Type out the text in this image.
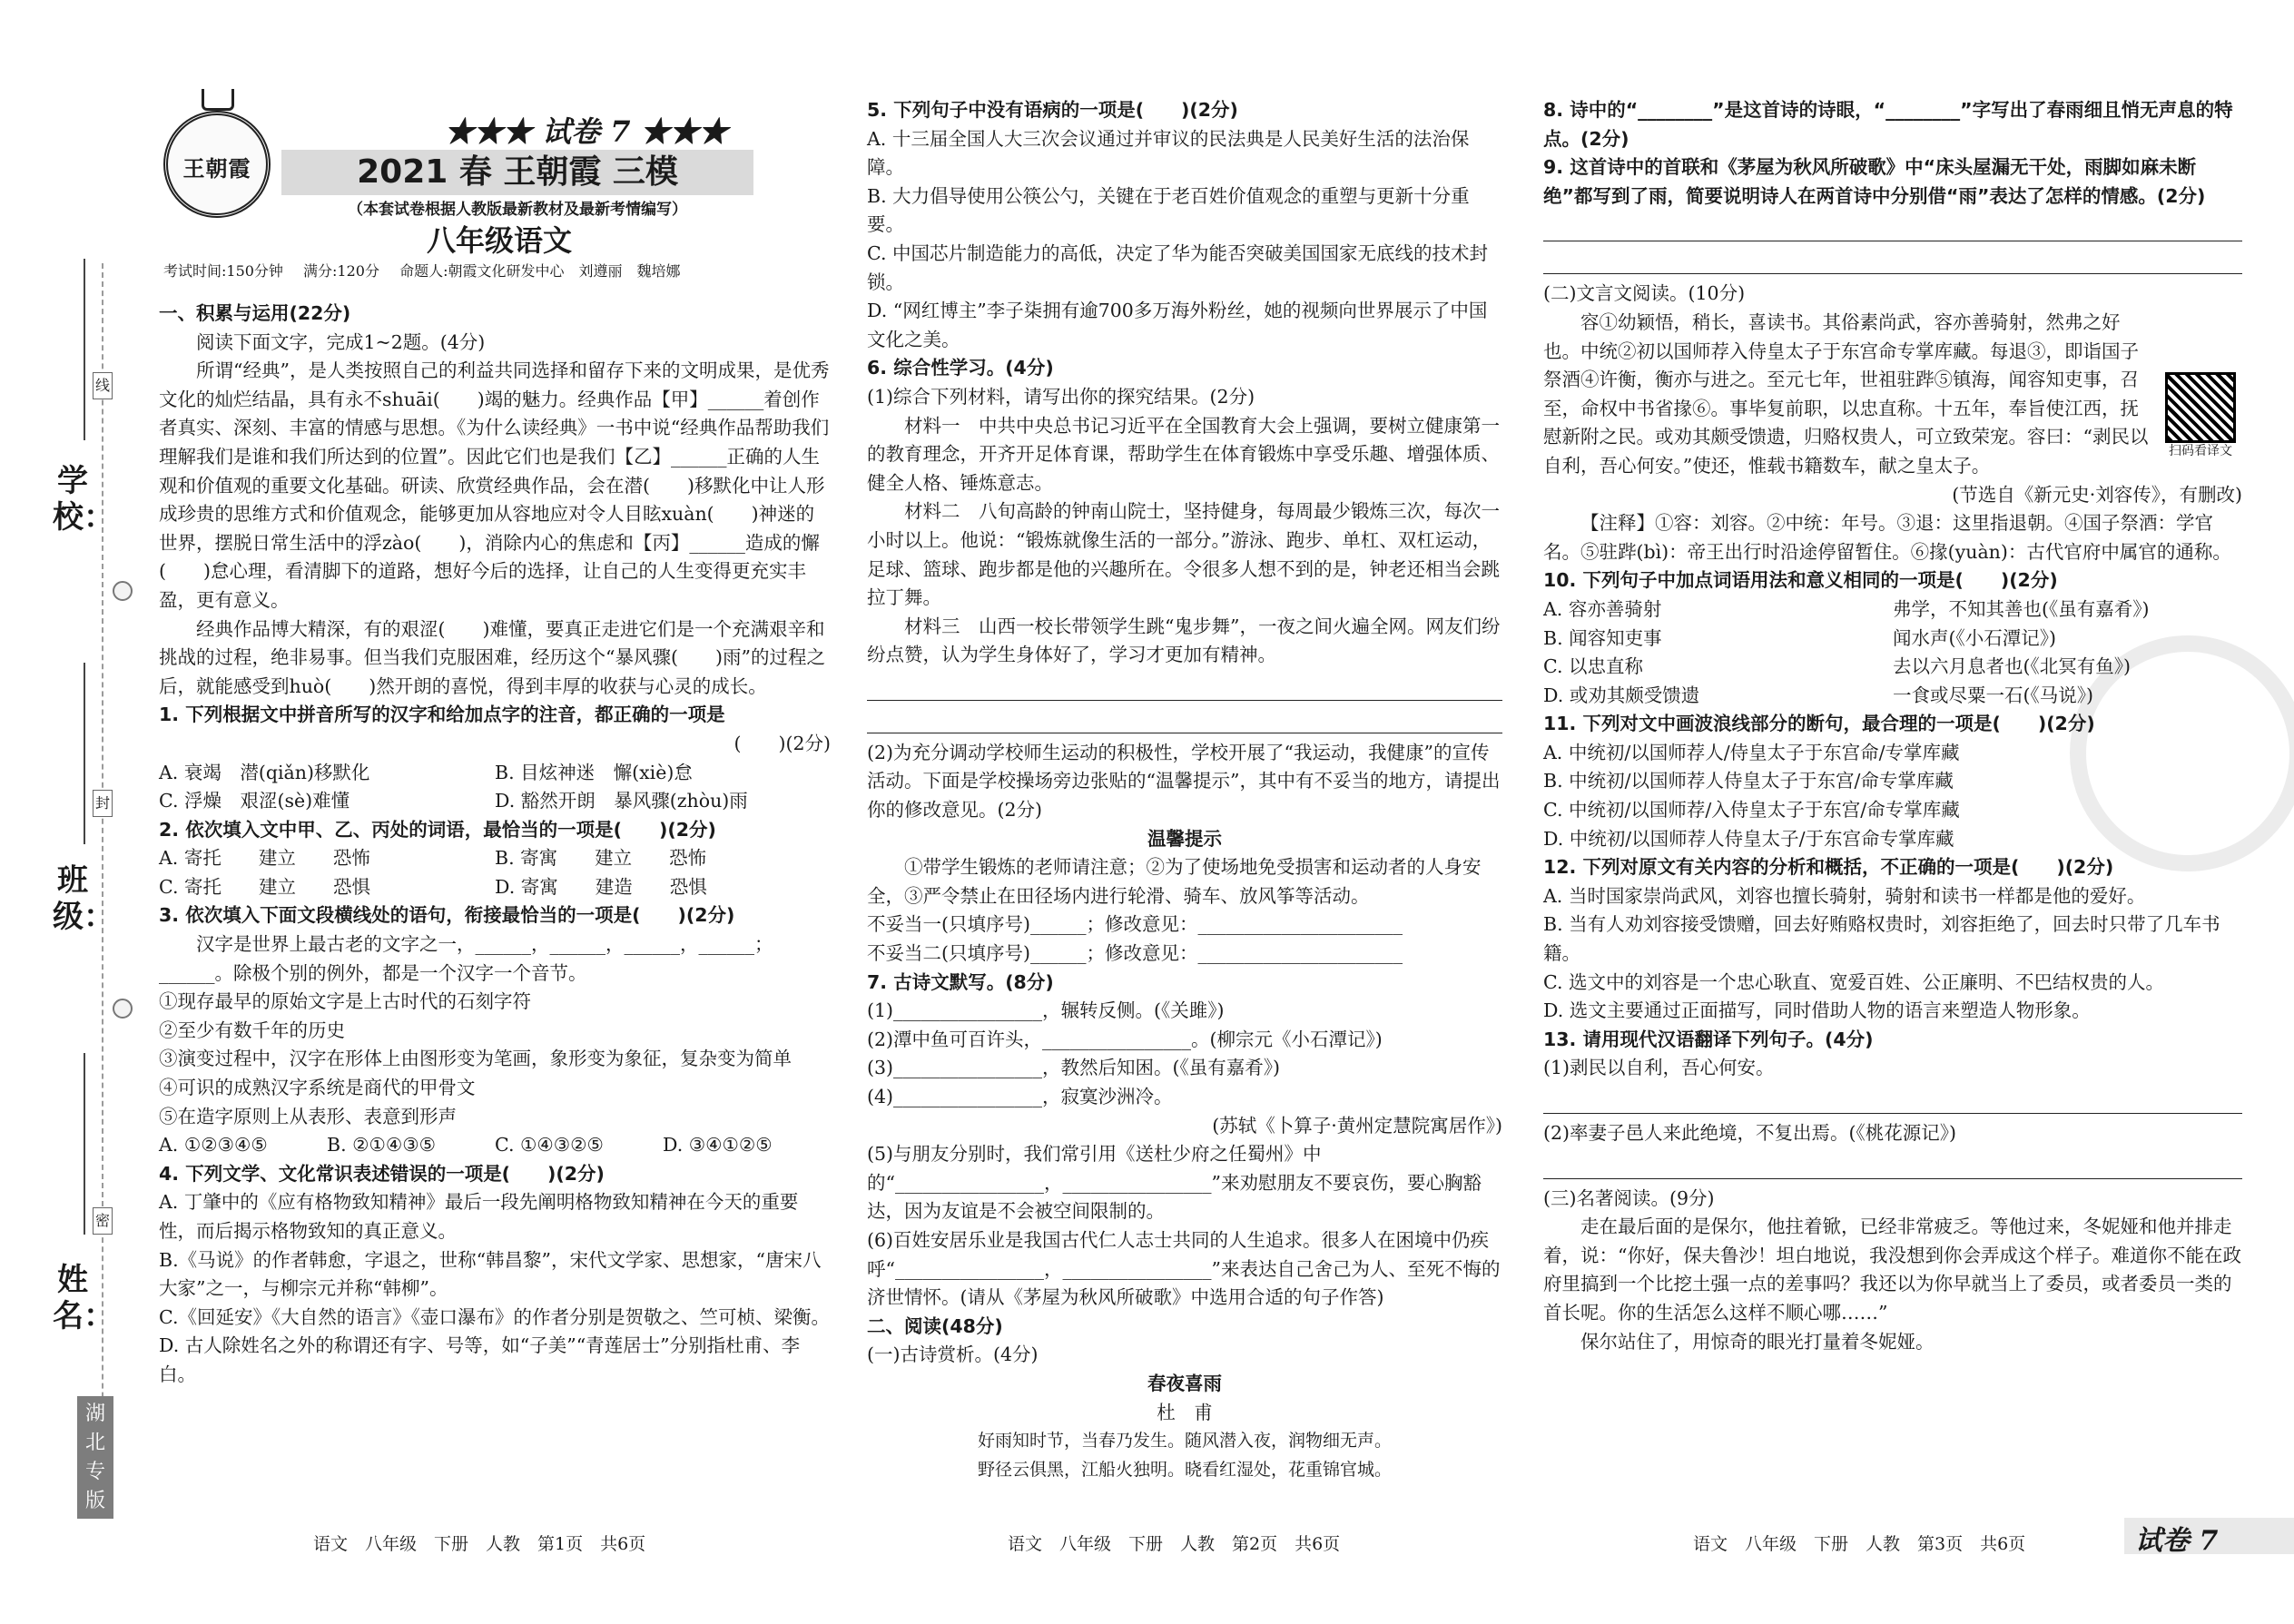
学校：
线
班级：
封
姓名：
密
湖北专版
王朝霞
★★★ 试卷 7 ★★★
2021 春 王朝霞 三模
（本套试卷根据人教版最新教材及最新考情编写）
八年级语文
考试时间:150分钟 满分:120分 命题人:朝霞文化研发中心　刘遵丽　魏培娜

一、积累与运用(22分)

阅读下面文字，完成1~2题。(4分)

所谓“经典”，是人类按照自己的利益共同选择和留存下来的文明成果，是优秀文化的灿烂结晶，具有永不shuāi(　　)竭的魅力。经典作品【甲】______着创作者真实、深刻、丰富的情感与思想。《为什么读经典》一书中说“经典作品帮助我们理解我们是谁和我们所达到的位置”。因此它们也是我们【乙】______正确的人生观和价值观的重要文化基础。研读、欣赏经典作品，会在潜(　　)移默化中让人形成珍贵的思维方式和价值观念，能够更加从容地应对令人目眩xuàn(　　)神迷的世界，摆脱日常生活中的浮zào(　　)，消除内心的焦虑和【丙】______造成的懈(　　)怠心理，看清脚下的道路，想好今后的选择，让自己的人生变得更充实丰盈，更有意义。

经典作品博大精深，有的艰涩(　　)难懂，要真正走进它们是一个充满艰辛和挑战的过程，绝非易事。但当我们克服困难，经历这个“暴风骤(　　)雨”的过程之后，就能感受到huò(　　)然开朗的喜悦，得到丰厚的收获与心灵的成长。

1. 下列根据文中拼音所写的汉字和给加点字的注音，都正确的一项是

(　　)(2分)

A. 衰竭　潜(qiǎn)移默化	B. 目炫神迷　懈(xiè)怠
C. 浮燥　艰涩(sè)难懂	D. 豁然开朗　暴风骤(zhòu)雨

2. 依次填入文中甲、乙、丙处的词语，最恰当的一项是(　　)(2分)

A. 寄托　　建立　　恐怖	B. 寄寓　　建立　　恐怖
C. 寄托　　建立　　恐惧	D. 寄寓　　建造　　恐惧

3. 依次填入下面文段横线处的语句，衔接最恰当的一项是(　　)(2分)

汉字是世界上最古老的文字之一，______，______，______，______；______。除极个别的例外，都是一个汉字一个音节。

①现存最早的原始文字是上古时代的石刻字符

②至少有数千年的历史

③演变过程中，汉字在形体上由图形变为笔画，象形变为象征，复杂变为简单

④可识的成熟汉字系统是商代的甲骨文

⑤在造字原则上从表形、表意到形声

A. ①②③④⑤	B. ②①④③⑤	C. ①④③②⑤	D. ③④①②⑤

4. 下列文学、文化常识表述错误的一项是(　　)(2分)

A. 丁肇中的《应有格物致知精神》最后一段先阐明格物致知精神在今天的重要性，而后揭示格物致知的真正意义。

B.《马说》的作者韩愈，字退之，世称“韩昌黎”，宋代文学家、思想家，“唐宋八大家”之一，与柳宗元并称“韩柳”。

C.《回延安》《大自然的语言》《壶口瀑布》的作者分别是贺敬之、竺可桢、梁衡。

D. 古人除姓名之外的称谓还有字、号等，如“子美”“青莲居士”分别指杜甫、李白。

5. 下列句子中没有语病的一项是(　　)(2分)

A. 十三届全国人大三次会议通过并审议的民法典是人民美好生活的法治保障。

B. 大力倡导使用公筷公勺，关键在于老百姓价值观念的重塑与更新十分重要。

C. 中国芯片制造能力的高低，决定了华为能否突破美国国家无底线的技术封锁。

D. “网红博主”李子柒拥有逾700多万海外粉丝，她的视频向世界展示了中国文化之美。

6. 综合性学习。(4分)

(1)综合下列材料，请写出你的探究结果。(2分)

材料一　中共中央总书记习近平在全国教育大会上强调，要树立健康第一的教育理念，开齐开足体育课，帮助学生在体育锻炼中享受乐趣、增强体质、健全人格、锤炼意志。

材料二　八旬高龄的钟南山院士，坚持健身，每周最少锻炼三次，每次一小时以上。他说：“锻炼就像生活的一部分。”游泳、跑步、单杠、双杠运动，足球、篮球、跑步都是他的兴趣所在。令很多人想不到的是，钟老还相当会跳拉丁舞。

材料三　山西一校长带领学生跳“鬼步舞”，一夜之间火遍全网。网友们纷纷点赞，认为学生身体好了，学习才更加有精神。

(2)为充分调动学校师生运动的积极性，学校开展了“我运动，我健康”的宣传活动。下面是学校操场旁边张贴的“温馨提示”，其中有不妥当的地方，请提出你的修改意见。(2分)

温馨提示

①带学生锻炼的老师请注意；②为了使场地免受损害和运动者的人身安全，③严令禁止在田径场内进行轮滑、骑车、放风筝等活动。

不妥当一(只填序号)______；修改意见：______________________

不妥当二(只填序号)______；修改意见：______________________

7. 古诗文默写。(8分)

(1)________________，辗转反侧。(《关雎》)

(2)潭中鱼可百许头，________________。(柳宗元《小石潭记》)

(3)________________，教然后知困。(《虽有嘉肴》)

(4)________________，寂寞沙洲冷。

(苏轼《卜算子·黄州定慧院寓居作》)

(5)与朋友分别时，我们常引用《送杜少府之任蜀州》中的“________________，________________”来劝慰朋友不要哀伤，要心胸豁达，因为友谊是不会被空间限制的。

(6)百姓安居乐业是我国古代仁人志士共同的人生追求。很多人在困境中仍疾呼“________________，________________”来表达自己舍己为人、至死不悔的济世情怀。(请从《茅屋为秋风所破歌》中选用合适的句子作答)

二、阅读(48分)

(一)古诗赏析。(4分)

春夜喜雨

杜　甫

好雨知时节，当春乃发生。随风潜入夜，润物细无声。

野径云俱黑，江船火独明。晓看红湿处，花重锦官城。

8. 诗中的“________”是这首诗的诗眼，“________”字写出了春雨细且悄无声息的特点。(2分)

9. 这首诗中的首联和《茅屋为秋风所破歌》中“床头屋漏无干处，雨脚如麻未断绝”都写到了雨，简要说明诗人在两首诗中分别借“雨”表达了怎样的情感。(2分)

(二)文言文阅读。(10分)

容①幼颖悟，稍长，喜读书。其俗素尚武，容亦善骑射，然弗之好也。中统②初以国师荐入侍皇太子于东宫命专掌库藏。每退③，即诣国子祭酒④许衡，衡亦与进之。至元七年，世祖驻跸⑤镇海，闻容知吏事，召至，命权中书省掾⑥。事毕复前职，以忠直称。十五年，奉旨使江西，抚慰新附之民。或劝其颇受馈遗，归赂权贵人，可立致荣宠。容曰：“剥民以自利，吾心何安。”使还，惟载书籍数车，献之皇太子。

扫码看译文

(节选自《新元史·刘容传》，有删改)

【注释】①容：刘容。②中统：年号。③退：这里指退朝。④国子祭酒：学官名。⑤驻跸(bì)：帝王出行时沿途停留暂住。⑥掾(yuàn)：古代官府中属官的通称。

10. 下列句子中加点词语用法和意义相同的一项是(　　)(2分)

A. 容亦善骑射	弗学，不知其善也(《虽有嘉肴》)
B. 闻容知吏事	闻水声(《小石潭记》)
C. 以忠直称	去以六月息者也(《北冥有鱼》)
D. 或劝其颇受馈遗	一食或尽粟一石(《马说》)

11. 下列对文中画波浪线部分的断句，最合理的一项是(　　)(2分)

A. 中统初/以国师荐人/侍皇太子于东宫命/专掌库藏

B. 中统初/以国师荐人侍皇太子于东宫/命专掌库藏

C. 中统初/以国师荐/入侍皇太子于东宫/命专掌库藏

D. 中统初/以国师荐人侍皇太子/于东宫命专掌库藏

12. 下列对原文有关内容的分析和概括，不正确的一项是(　　)(2分)

A. 当时国家崇尚武风，刘容也擅长骑射，骑射和读书一样都是他的爱好。

B. 当有人劝刘容接受馈赠，回去好贿赂权贵时，刘容拒绝了，回去时只带了几车书籍。

C. 选文中的刘容是一个忠心耿直、宽爱百姓、公正廉明、不巴结权贵的人。

D. 选文主要通过正面描写，同时借助人物的语言来塑造人物形象。

13. 请用现代汉语翻译下列句子。(4分)

(1)剥民以自利，吾心何安。

(2)率妻子邑人来此绝境，不复出焉。(《桃花源记》)

(三)名著阅读。(9分)

走在最后面的是保尔，他拄着锨，已经非常疲乏。等他过来，冬妮娅和他并排走着，说：“你好，保夫鲁沙！坦白地说，我没想到你会弄成这个样子。难道你不能在政府里搞到一个比挖土强一点的差事吗？我还以为你早就当上了委员，或者委员一类的首长呢。你的生活怎么这样不顺心哪……”

保尔站住了，用惊奇的眼光打量着冬妮娅。

语文　八年级　下册　人教　第1页　共6页	语文　八年级　下册　人教　第2页　共6页	语文　八年级　下册　人教　第3页　共6页	试卷 7
